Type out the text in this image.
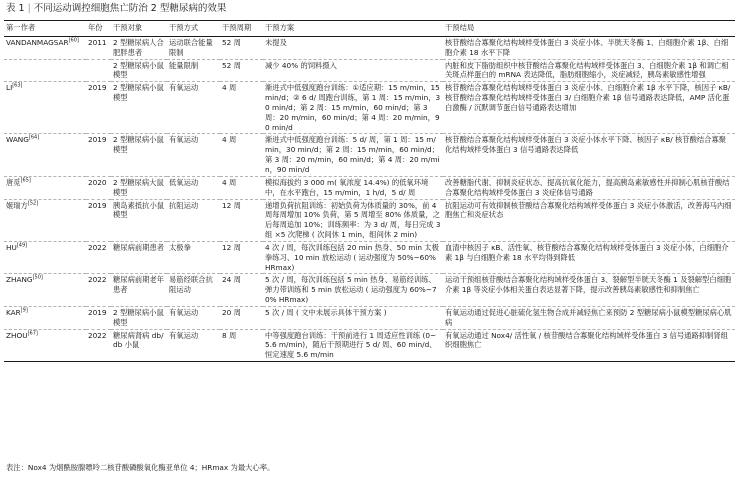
表 1 | 不同运动调控细胞焦亡防治 2 型糖尿病的效果
第一作者	年份	干预对象	干预方式	干预周期	干预方案	干预结局
VANDANMAGSAR[60]	2011	2 型糖尿病人合肥胖患者	运动联合能量限制	52 周	未提及	核苷酸结合寡聚化结构域样受体蛋白 3 炎症小体、半胱天冬酶 1、白细胞介素 1β、白细胞介素 18 水平下降
		2 型糖尿病小鼠模型	能量限制	52 周	减少 40% 的饲料摄入	内脏和皮下脂肪组织中核苷酸结合寡聚化结构域样受体蛋白 3、白细胞介素 1β 和调亡相关斑点样蛋白的 mRNA 表达降低，脂肪细胞缩小，炎症减轻，胰岛素敏感性增强
LI[63]	2019	2 型糖尿病小鼠模型	有氧运动	4 周	渐进式中低强度跑台训练：①适应期：15 m/min，15 min/d；② 6 d/ 周跑台训练，第 1 周：15 m/min，30 min/d；第 2 周：15 m/min，60 min/d；第 3 周：20 m/min，60 min/d；第 4 周：20 m/min，90 min/d	核苷酸结合寡聚化结构域样受体蛋白 3 炎症小体、白细胞介素 1β 水平下降，核因子 κB/ 核苷酸结合寡聚化结构域样受体蛋白 3/ 白细胞介素 1β 信号通路表达降低，AMP 活化蛋白激酶 / 沉默调节蛋白信号通路表达增加
WANG[64]	2019	2 型糖尿病小鼠模型	有氧运动	4 周	渐进式中低强度跑台训练：5 d/ 周，第 1 周：15 m/min，30 min/d；第 2 周：15 m/min，60 min/d；第 3 周：20 m/min，60 min/d；第 4 周：20 m/min，90 min/d	核苷酸结合寡聚化结构域样受体蛋白 3 炎症小体水平下降、核因子 κB/ 核苷酸结合寡聚化结构域样受体蛋白 3 信号通路表达降低
唐觅[65]	2020	2 型糖尿病大鼠模型	低氧运动	4 周	模拟海拔约 3 000 m( 氧浓度 14.4%) 的低氧环境中，在水平跑台，15 m/min，1 h/d，5 d/ 周	改善糖脂代谢、抑制炎症状态、提高抗氧化能力，提高胰岛素敏感性并抑制心肌核苷酸结合寡聚化结构域样受体蛋白 3 炎症体信号通路
姬瑞方[52]	2019	胰岛素抵抗小鼠模型	抗阻运动	12 周	递增负荷抗阻训练：初始负荷为体质量的 30%，前 4 周每周增加 10% 负荷，第 5 周增至 80% 体质量，之后每周追加 10%；训练频率：为 3 d/ 周，每日完成 3 组 ×5 次爬梯 ( 次间休 1 min，组间休 2 min)	抗阻运动可有效抑制核苷酸结合寡聚化结构域样受体蛋白 3 炎症小体激活，改善海马内细胞焦亡和炎症状态
HU[49]	2022	糖尿病前期患者	太极拳	12 周	4 次 / 周，每次训练包括 20 min 热身、50 min 太极拳练习、10 min 放松运动 ( 运动强度为 50%~60% HRmax)	血清中核因子 κB、活性氧、核苷酸结合寡聚化结构域样受体蛋白 3 炎症小体，白细胞介素 1β 与白细胞介素 18 水平均得到降低
ZHANG[50]	2022	糖尿病前期老年患者	易筋经联合抗阻运动	24 周	5 次 / 周，每次训练包括 5 min 热身、易筋经训练、弹力带训练和 5 min 放松运动 ( 运动强度为 60%~70% HRmax)	运动干预组核苷酸结合寡聚化结构域样受体蛋白 3、裂解型半胱天冬酶 1 及裂解型白细胞介素 1β 等炎症小体相关蛋白表达显著下降，提示改善胰岛素敏感性和抑制焦亡
KAR[9]	2019	2 型糖尿病小鼠模型	有氧运动	20 周	5 次 / 周 ( 文中未展示具体干预方案 )	有氧运动通过促进心脏硫化氢生物合成并减轻焦亡来预防 2 型糖尿病小鼠模型糖尿病心肌病
ZHOU[67]	2022	糖尿病肾病 db/db 小鼠	有氧运动	8 周	中等强度跑台训练：干预前进行 1 周适应性训练 (0~5.6 m/min)，随后干预期进行 5 d/ 周、60 min/d、恒定速度 5.6 m/min	有氧运动通过 Nox4/ 活性氧 / 核苷酸结合寡聚化结构域样受体蛋白 3 信号通路抑制肾组织细胞焦亡
表注：Nox4 为烟酰胺腺嘌呤二核苷酸磷酸氧化酶亚单位 4；HRmax 为最大心率。
